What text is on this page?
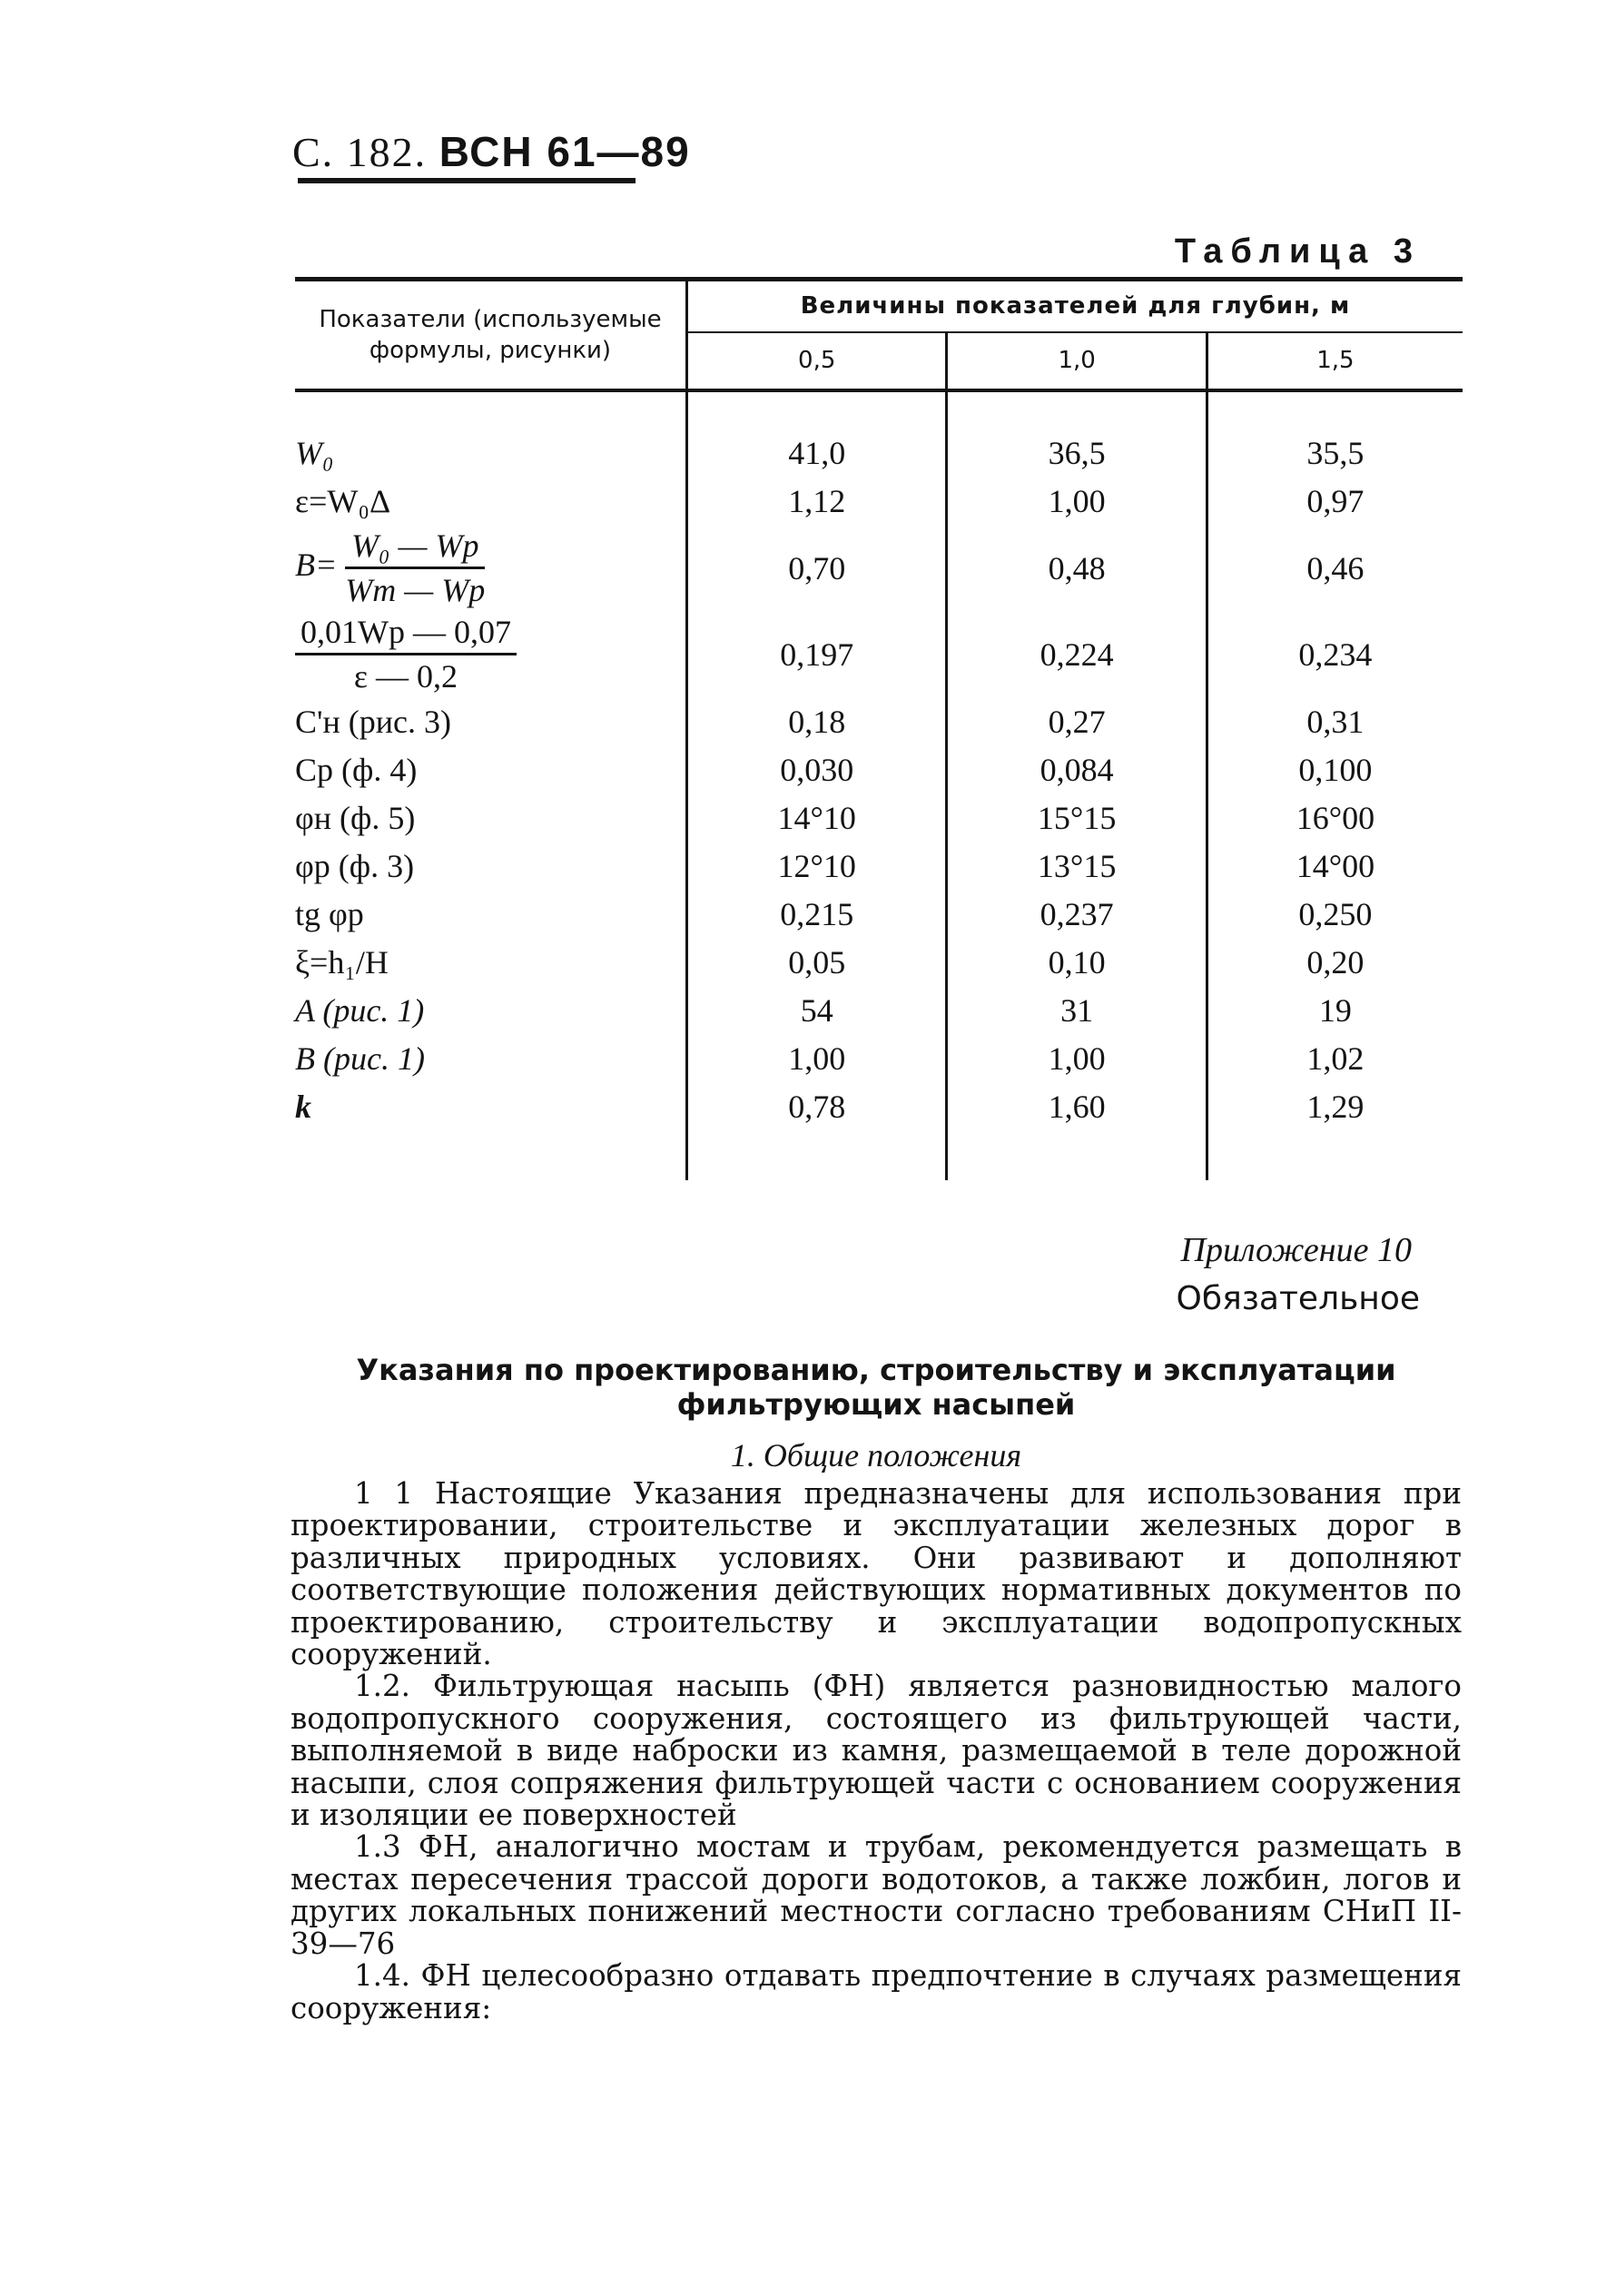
С. 182. ВСН 61—89
Таблица 3
Показатели (используемые формулы, рисунки)	Величины показателей для глубин, м		
	0,5	1,0	1,5

W₀	41,0	36,5	35,5
ε=W₀Δ	1,12	1,00	0,97
$B= \frac{\text{W₀ — Wр}}{Wт — Wр}$	0,70	0,48	0,46

$\frac{0,01Wр — 0,07}{\varepsilon — 0,2}$	0,197	0,224	0,234
C'н (рис. 3)	0,18	0,27	0,31
Cр (ф. 4)	0,030	0,084	0,100
φн (ф. 5)	14°10	15°15	16°00
φр (ф. 3)	12°10	13°15	14°00
tg φр	0,215	0,237	0,250
ξ=h₁/H	0,05	0,10	0,20
A (рис. 1)	54	31	19
B (рис. 1)	1,00	1,00	1,02
k	0,78	1,60	1,29

Приложение 10
Обязательное
Указания по проектированию, строительству и эксплуатации
фильтрующих насыпей
1. Общие положения

1 1 Настоящие Указания предназначены для использования при проектировании, строительстве и эксплуатации железных дорог в различных природных условиях. Они развивают и дополняют соответствующие положения действующих нормативных документов по проектированию, строительству и эксплуатации водопропускных сооружений.

1.2. Фильтрующая насыпь (ФН) является разновидностью малого водопропускного сооружения, состоящего из фильтрующей части, выполняемой в виде наброски из камня, размещаемой в теле дорожной насыпи, слоя сопряжения фильтрующей части с основанием сооружения и изоляции ее поверхностей

1.3 ФН, аналогично мостам и трубам, рекомендуется размещать в местах пересечения трассой дороги водотоков, а также ложбин, логов и других локальных понижений местности согласно требованиям СНиП II-39—76

1.4. ФН целесообразно отдавать предпочтение в случаях размещения сооружения:
